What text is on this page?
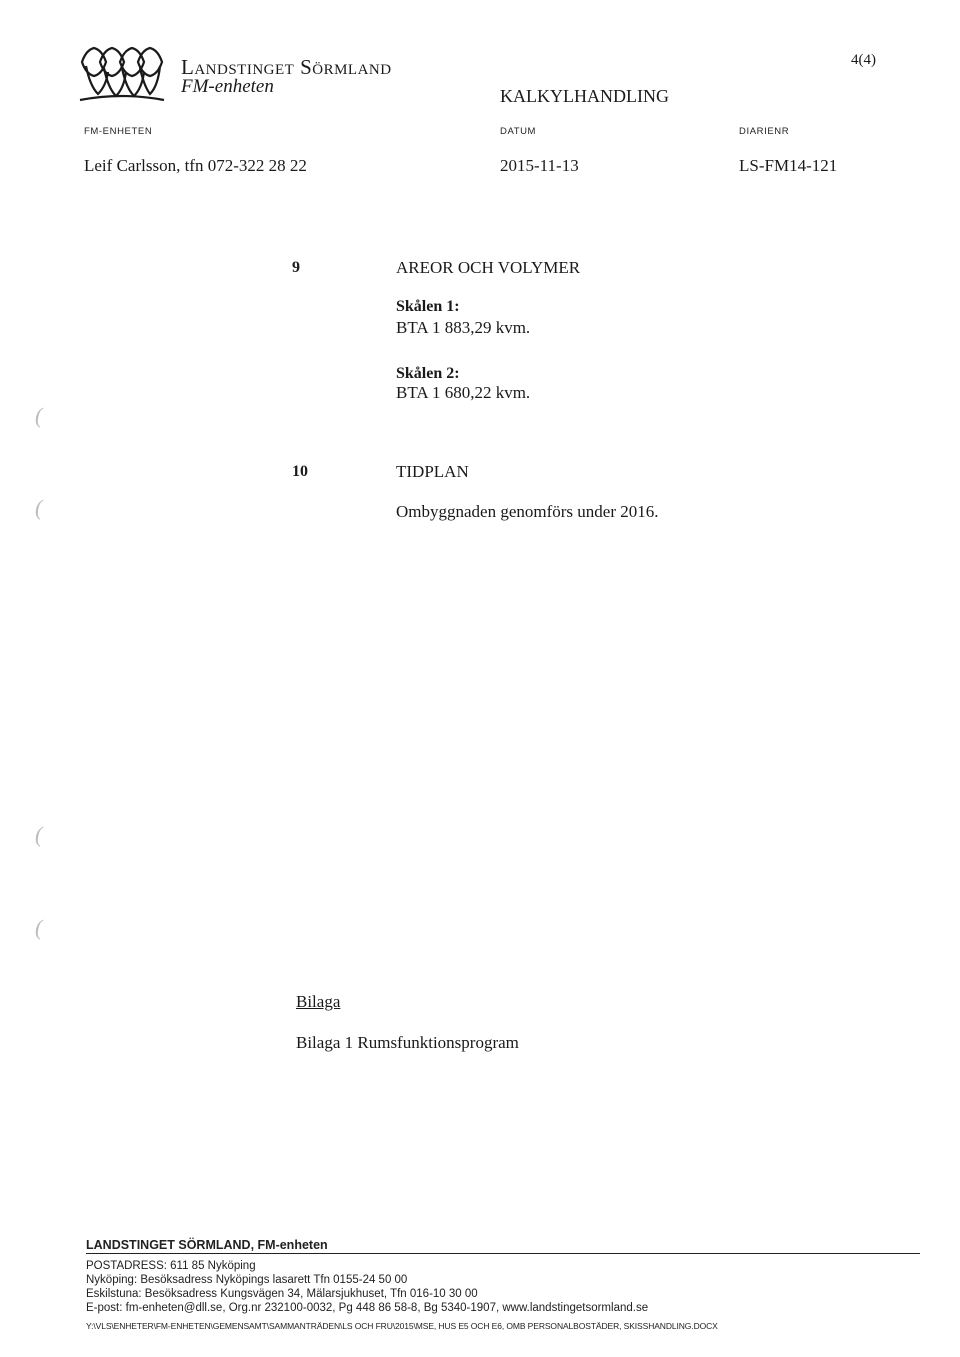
Landstinget Sörmland
FM-enheten
4(4)
KALKYLHANDLING
FM-ENHETEN	DATUM	DIARIENR
Leif Carlsson, tfn 072-322 28 22	2015-11-13	LS-FM14-121
9	AREOR OCH VOLYMER
Skålen 1:
BTA 1 883,29 kvm.
Skålen 2:
BTA 1 680,22 kvm.
10	TIDPLAN
Ombyggnaden genomförs under 2016.
(
(
(
(
Bilaga
Bilaga 1 Rumsfunktionsprogram
LANDSTINGET SÖRMLAND, FM-enheten
POSTADRESS: 611 85 Nyköping
Nyköping: Besöksadress Nyköpings lasarett Tfn 0155-24 50 00
Eskilstuna: Besöksadress Kungsvägen 34, Mälarsjukhuset, Tfn 016-10 30 00
E-post: fm-enheten@dll.se, Org.nr 232100-0032, Pg 448 86 58-8, Bg 5340-1907, www.landstingetsormland.se
Y:\VLS\ENHETER\FM-ENHETEN\GEMENSAMT\SAMMANTRÄDEN\LS OCH FRU\2015\MSE, HUS E5 OCH E6, OMB PERSONALBOSTÄDER, SKISSHANDLING.DOCX
